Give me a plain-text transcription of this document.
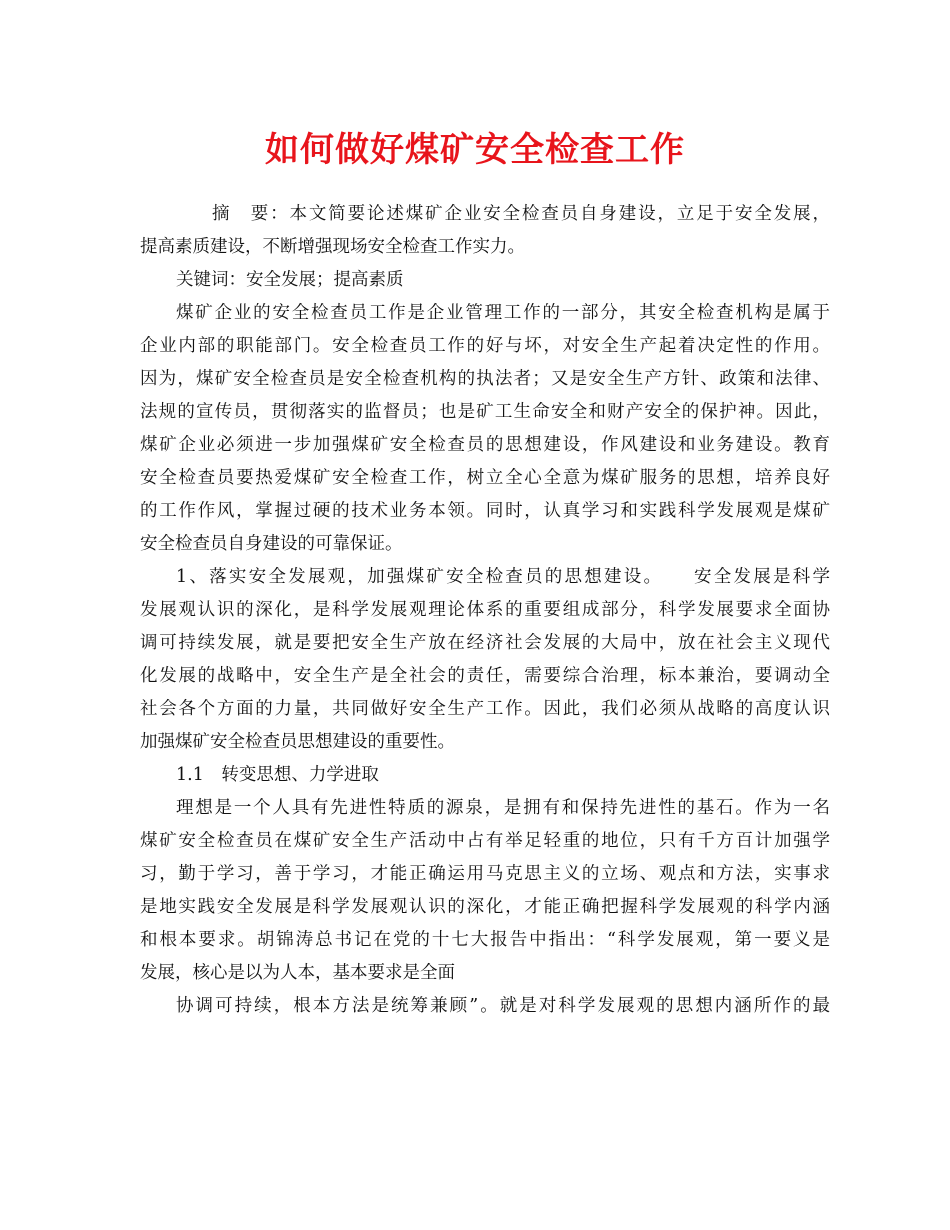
如何做好煤矿安全检查工作

摘　要：本文简要论述煤矿企业安全检查员自身建设，立足于安全发展，

提高素质建设，不断增强现场安全检查工作实力。

关键词：安全发展；提高素质

煤矿企业的安全检查员工作是企业管理工作的一部分，其安全检查机构是属于

企业内部的职能部门。安全检查员工作的好与坏，对安全生产起着决定性的作用。

因为，煤矿安全检查员是安全检查机构的执法者；又是安全生产方针、政策和法律、

法规的宣传员，贯彻落实的监督员；也是矿工生命安全和财产安全的保护神。因此，

煤矿企业必须进一步加强煤矿安全检查员的思想建设，作风建设和业务建设。教育

安全检查员要热爱煤矿安全检查工作，树立全心全意为煤矿服务的思想，培养良好

的工作作风，掌握过硬的技术业务本领。同时，认真学习和实践科学发展观是煤矿

安全检查员自身建设的可靠保证。

1、落实安全发展观，加强煤矿安全检查员的思想建设。　　安全发展是科学

发展观认识的深化，是科学发展观理论体系的重要组成部分，科学发展要求全面协

调可持续发展，就是要把安全生产放在经济社会发展的大局中，放在社会主义现代

化发展的战略中，安全生产是全社会的责任，需要综合治理，标本兼治，要调动全

社会各个方面的力量，共同做好安全生产工作。因此，我们必须从战略的高度认识

加强煤矿安全检查员思想建设的重要性。

1.1　转变思想、力学进取

理想是一个人具有先进性特质的源泉，是拥有和保持先进性的基石。作为一名

煤矿安全检查员在煤矿安全生产活动中占有举足轻重的地位，只有千方百计加强学

习，勤于学习，善于学习，才能正确运用马克思主义的立场、观点和方法，实事求

是地实践安全发展是科学发展观认识的深化，才能正确把握科学发展观的科学内涵

和根本要求。胡锦涛总书记在党的十七大报告中指出：“科学发展观，第一要义是

发展，核心是以为人本，基本要求是全面

协调可持续，根本方法是统筹兼顾”。就是对科学发展观的思想内涵所作的最
